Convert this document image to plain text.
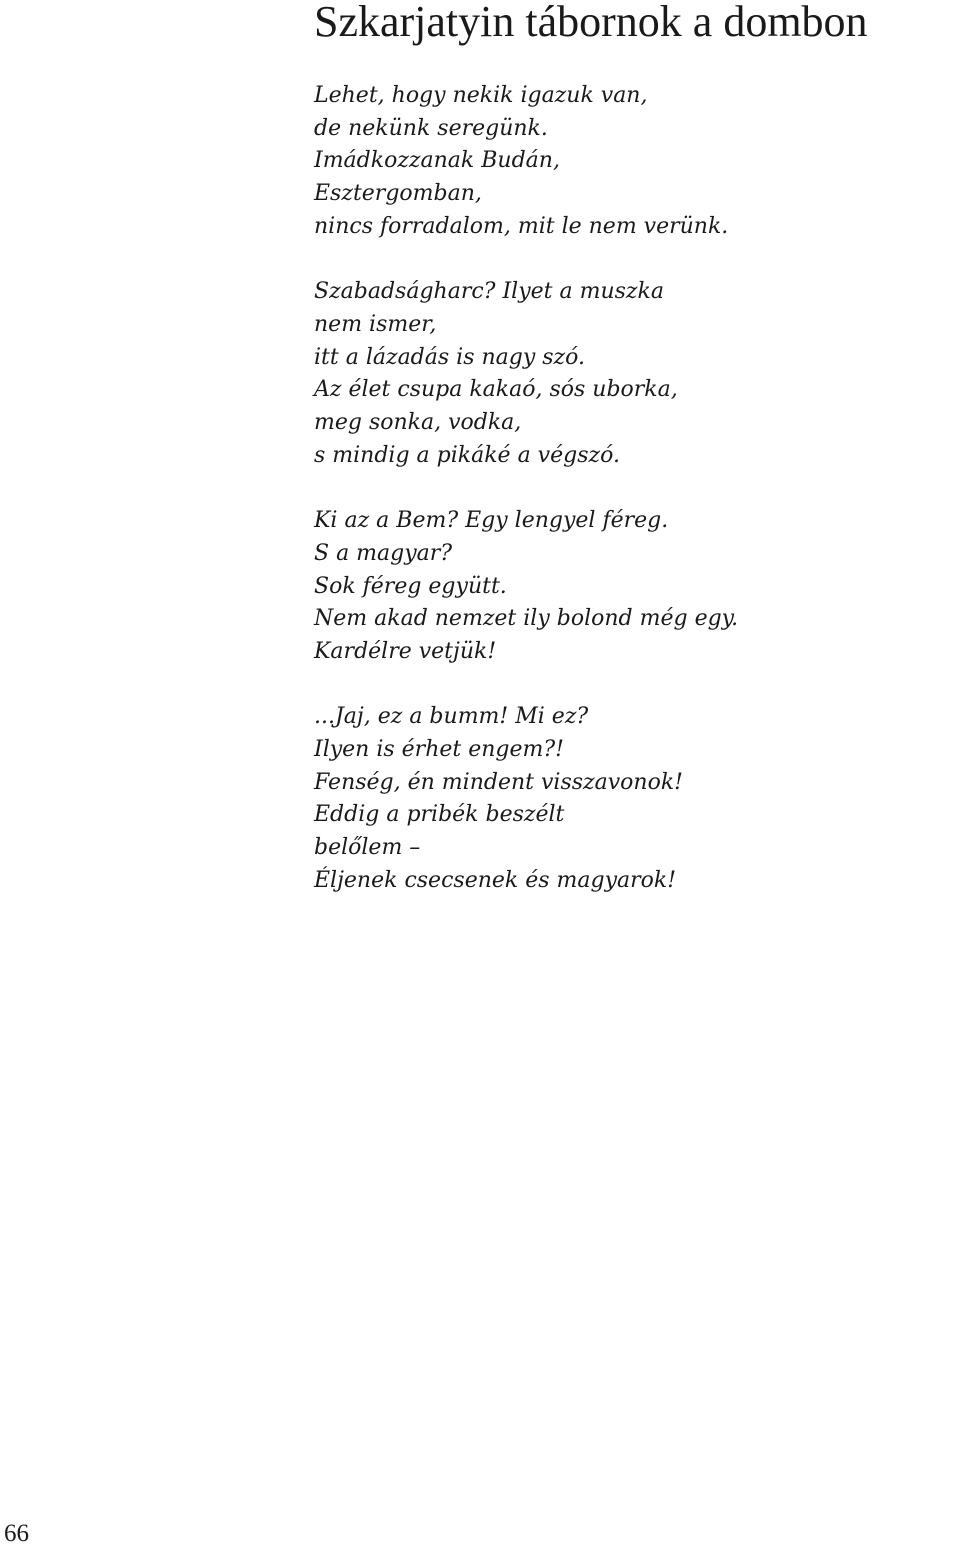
Szkarjatyin tábornok a dombon
Lehet, hogy nekik igazuk van,
de nekünk seregünk.
Imádkozzanak Budán,
Esztergomban,
nincs forradalom, mit le nem verünk.
Szabadságharc? Ilyet a muszka
nem ismer,
itt a lázadás is nagy szó.
Az élet csupa kakaó, sós uborka,
meg sonka, vodka,
s mindig a pikáké a végszó.
Ki az a Bem? Egy lengyel féreg.
S a magyar?
Sok féreg együtt.
Nem akad nemzet ily bolond még egy.
Kardélre vetjük!
...Jaj, ez a bumm! Mi ez?
Ilyen is érhet engem?!
Fenség, én mindent visszavonok!
Eddig a pribék beszélt
belőlem –
Éljenek csecsenek és magyarok!
66
